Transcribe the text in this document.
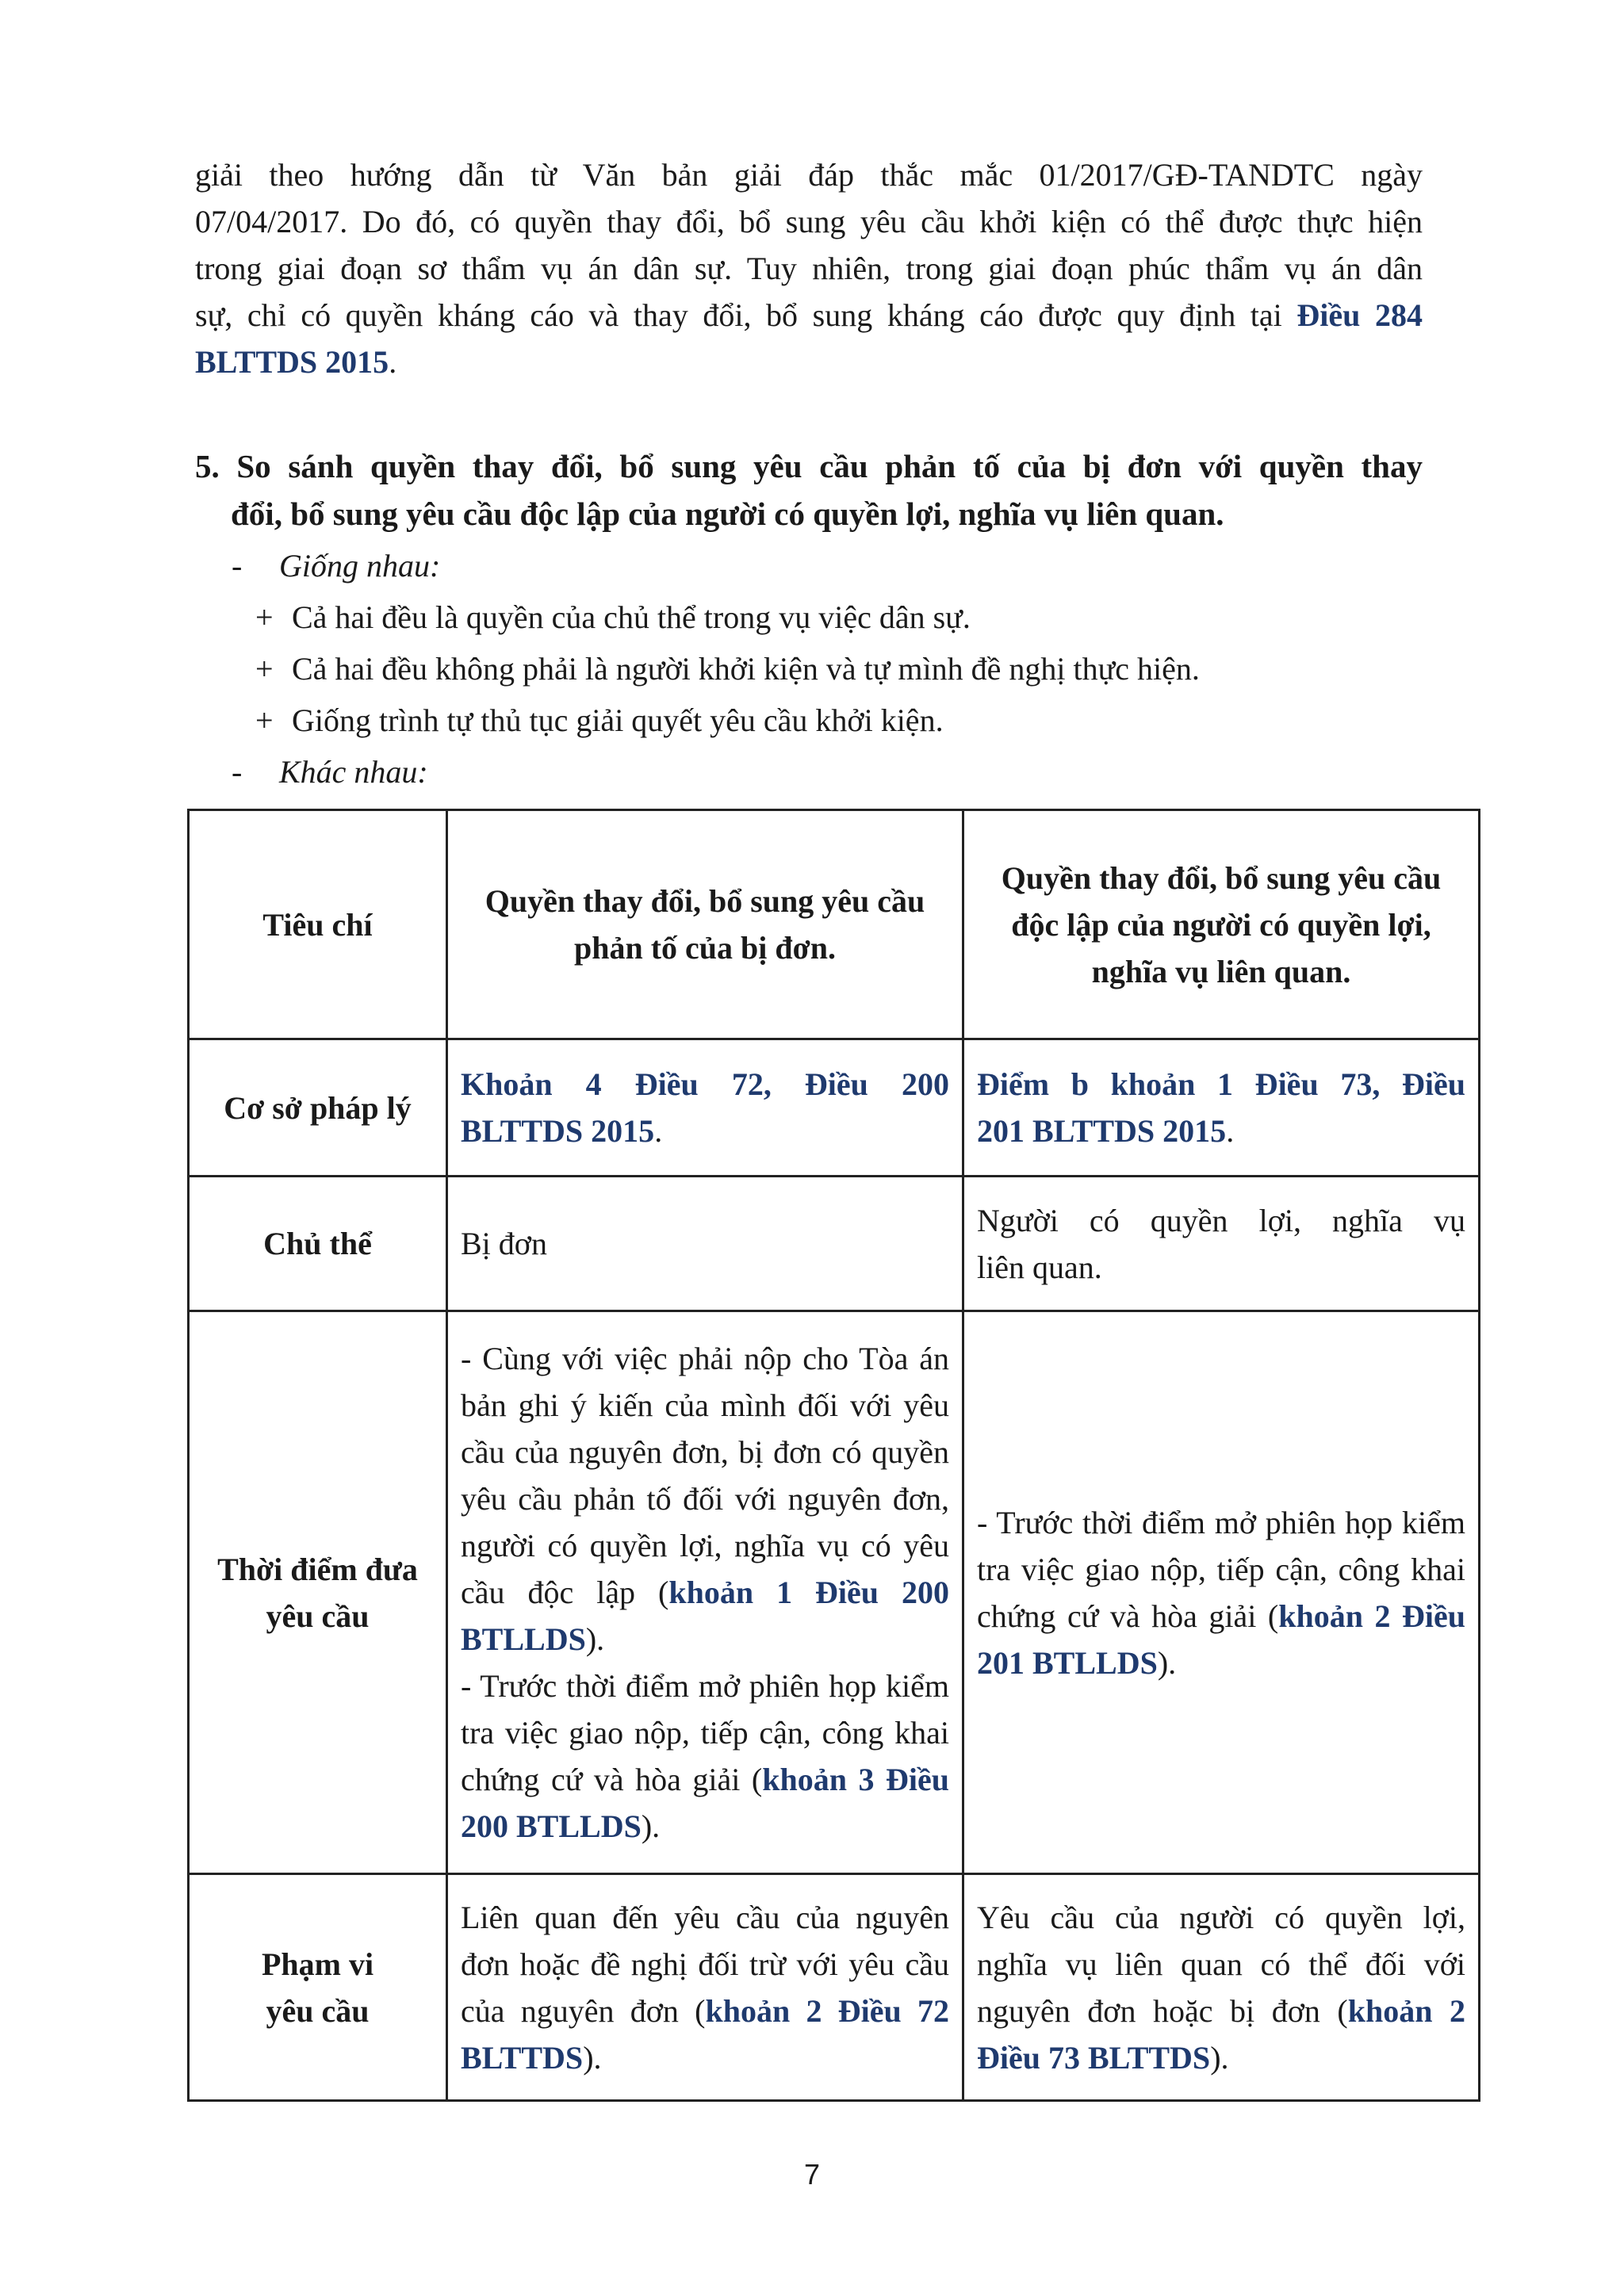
giải theo hướng dẫn từ Văn bản giải đáp thắc mắc 01/2017/GĐ-TANDTC ngày
07/04/2017. Do đó, có quyền thay đổi, bổ sung yêu cầu khởi kiện có thể được thực hiện
trong giai đoạn sơ thẩm vụ án dân sự. Tuy nhiên, trong giai đoạn phúc thẩm vụ án dân
sự, chỉ có quyền kháng cáo và thay đổi, bổ sung kháng cáo được quy định tại Điều 284
BLTTDS 2015.
5. So sánh quyền thay đổi, bổ sung yêu cầu phản tố của bị đơn với quyền thay
đổi, bổ sung yêu cầu độc lập của người có quyền lợi, nghĩa vụ liên quan.
- Giống nhau:
+ Cả hai đều là quyền của chủ thể trong vụ việc dân sự.
+ Cả hai đều không phải là người khởi kiện và tự mình đề nghị thực hiện.
+ Giống trình tự thủ tục giải quyết yêu cầu khởi kiện.
- Khác nhau:
Tiêu chí	Quyền thay đổi, bổ sung yêu cầu phản tố của bị đơn.	Quyền thay đổi, bổ sung yêu cầu độc lập của người có quyền lợi, nghĩa vụ liên quan.
Cơ sở pháp lý	Khoản 4 Điều 72, Điều 200
BLTTDS 2015.	Điểm b khoản 1 Điều 73, Điều
201 BLTTDS 2015.

Chủ thể	Bị đơn	Người có quyền lợi, nghĩa vụ
liên quan.

Thời điểm đưa
yêu cầu	- Cùng với việc phải nộp cho Tòa án bản ghi ý kiến của mình đối với yêu cầu của nguyên đơn, bị đơn có quyền yêu cầu phản tố đối với nguyên đơn, người có quyền lợi, nghĩa vụ có yêu cầu độc lập (khoản 1 Điều 200 BTLLDS).
- Trước thời điểm mở phiên họp kiểm tra việc giao nộp, tiếp cận, công khai chứng cứ và hòa giải (khoản 3 Điều 200 BTLLDS).	- Trước thời điểm mở phiên họp kiểm tra việc giao nộp, tiếp cận, công khai chứng cứ và hòa giải (khoản 2 Điều 201 BTLLDS).

Phạm vi
yêu cầu	Liên quan đến yêu cầu của nguyên đơn hoặc đề nghị đối trừ với yêu cầu của nguyên đơn (khoản 2 Điều 72 BLTTDS).	Yêu cầu của người có quyền lợi, nghĩa vụ liên quan có thể đối với nguyên đơn hoặc bị đơn (khoản 2 Điều 73 BLTTDS).
7
